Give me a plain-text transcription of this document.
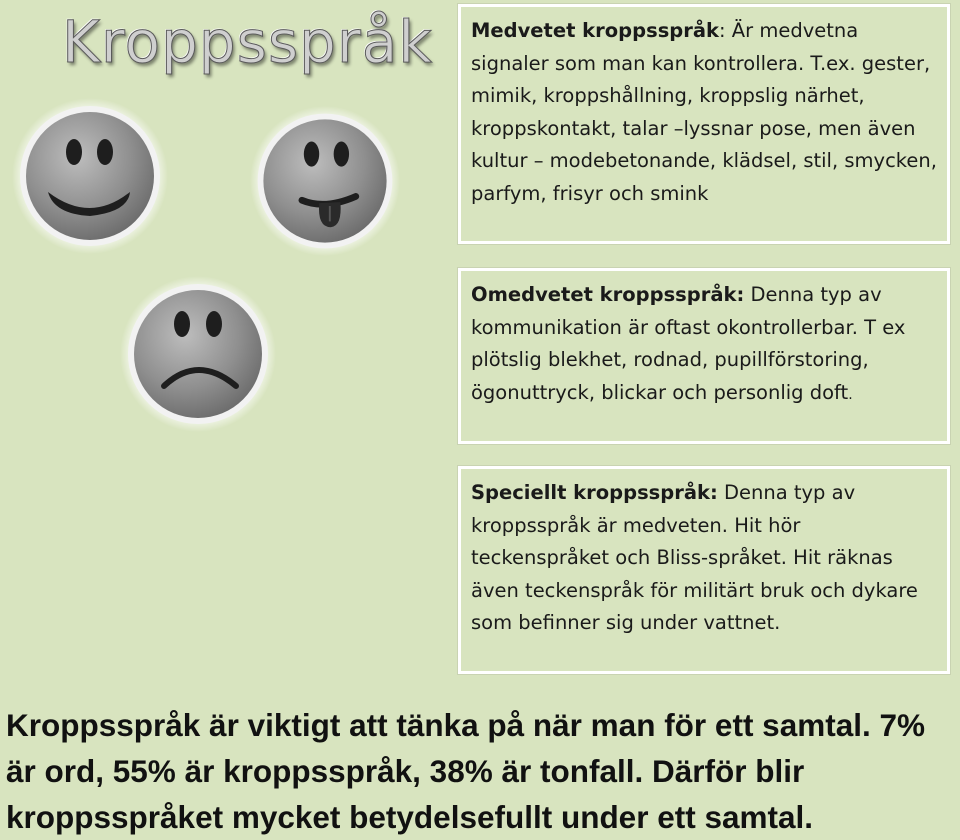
Kroppsspråk	Medvetet kroppsspråk: Är medvetna signaler som man kan kontrollera. T.ex. gester, mimik, kroppshållning, kroppslig närhet, kroppskontakt, talar –lyssnar pose, men även kultur – modebetonande, klädsel, stil, smycken, parfym, frisyr och smink
Omedvetet kroppsspråk: Denna typ av kommunikation är oftast okontrollerbar. T ex plötslig blekhet, rodnad, pupillförstoring, ögonuttryck, blickar och personlig doft.
Speciellt kroppsspråk: Denna typ av kroppsspråk är medveten. Hit hör teckenspråket och Bliss-språket. Hit räknas även teckenspråk för militärt bruk och dykare som befinner sig under vattnet.
Kroppsspråk är viktigt att tänka på när man för ett samtal. 7% är ord, 55% är kroppsspråk, 38% är tonfall. Därför blir kroppsspråket mycket betydelsefullt under ett samtal.
